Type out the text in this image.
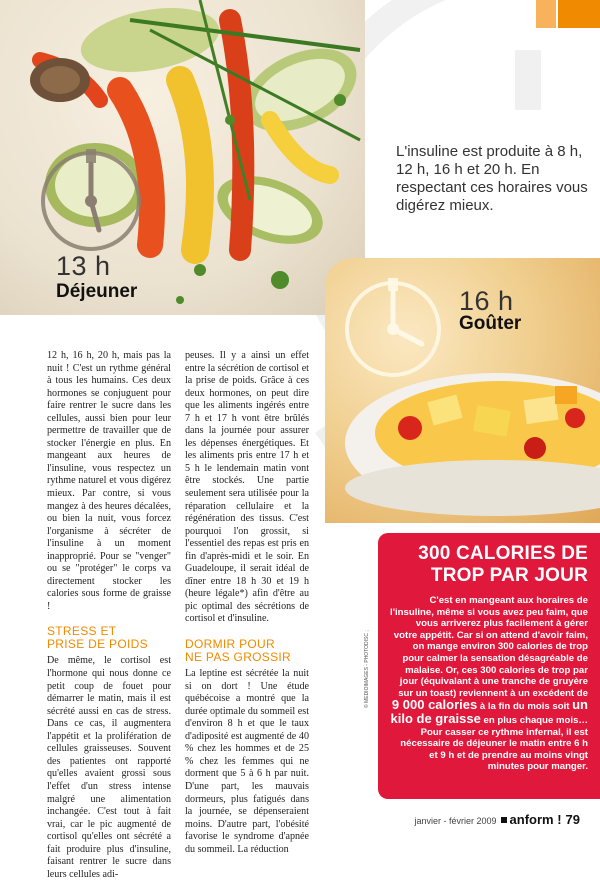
13 h
Déjeuner
L'insuline est produite à 8 h, 12 h, 16 h et 20 h. En respectant ces horaires vous digérez mieux.
16 h
Goûter

12 h, 16 h, 20 h, mais pas la nuit ! C'est un rythme général à tous les humains. Ces deux hormones se conjuguent pour faire rentrer le sucre dans les cellules, aussi bien pour leur permettre de travailler que de stocker l'énergie en plus. En mangeant aux heures de l'insuline, vous respectez un rythme naturel et vous digérez mieux. Par contre, si vous mangez à des heures décalées, ou bien la nuit, vous forcez l'organisme à sécréter de l'insuline à un moment inapproprié. Pour se "venger" ou se "protéger" le corps va directement stocker les calories sous forme de graisse !

STRESS ET
PRISE DE POIDS

De même, le cortisol est l'hormone qui nous donne ce petit coup de fouet pour démarrer le matin, mais il est sécrété aussi en cas de stress. Dans ce cas, il augmentera l'appétit et la prolifération de cellules graisseuses. Souvent des patientes ont rapporté qu'elles avaient grossi sous l'effet d'un stress intense malgré une alimentation inchangée. C'est tout à fait vrai, car le pic augmenté de cortisol qu'elles ont sécrété a fait produire plus d'insuline, faisant rentrer le sucre dans leurs cellules adi-

peuses. Il y a ainsi un effet entre la sécrétion de cortisol et la prise de poids. Grâce à ces deux hormones, on peut dire que les aliments ingérés entre 7 h et 17 h vont être brûlés dans la journée pour assurer les dépenses énergétiques. Et les aliments pris entre 17 h et 5 h le lendemain matin vont être stockés. Une partie seulement sera utilisée pour la réparation cellulaire et la régénération des tissus. C'est pourquoi l'on grossit, si l'essentiel des repas est pris en fin d'après-midi et le soir. En Guadeloupe, il serait idéal de dîner entre 18 h 30 et 19 h (heure légale*) afin d'être au pic optimal des sécrétions de cortisol et d'insuline.

DORMIR POUR
NE PAS GROSSIR

La leptine est sécrétée la nuit si on dort ! Une étude québécoise a montré que la durée optimale du sommeil est d'environ 8 h et que le taux d'adiposité est augmenté de 40 % chez les hommes et de 25 % chez les femmes qui ne dorment que 5 à 6 h par nuit. D'une part, les mauvais dormeurs, plus fatigués dans la journée, se dépenseraient moins. D'autre part, l'obésité favorise le syndrome d'apnée du sommeil. La réduction

© MEDIOIMAGES - PHOTODISC ;
300 CALORIES DE
TROP PAR JOUR
C'est en mangeant aux horaires de l'insuline, même si vous avez peu faim, que vous arriverez plus facilement à gérer votre appétit. Car si on attend d'avoir faim, on mange environ 300 calories de trop pour calmer la sensation désagréable de malaise. Or, ces 300 calories de trop par jour (équivalant à une tranche de gruyère sur un toast) reviennent à un excédent de
9 000 calories à la fin du mois soit un kilo de graisse en plus chaque mois… Pour casser ce rythme infernal, il est nécessaire de déjeuner le matin entre 6 h et 9 h et de prendre au moins vingt minutes pour manger.
janvier - février 2009 anform ! 79
